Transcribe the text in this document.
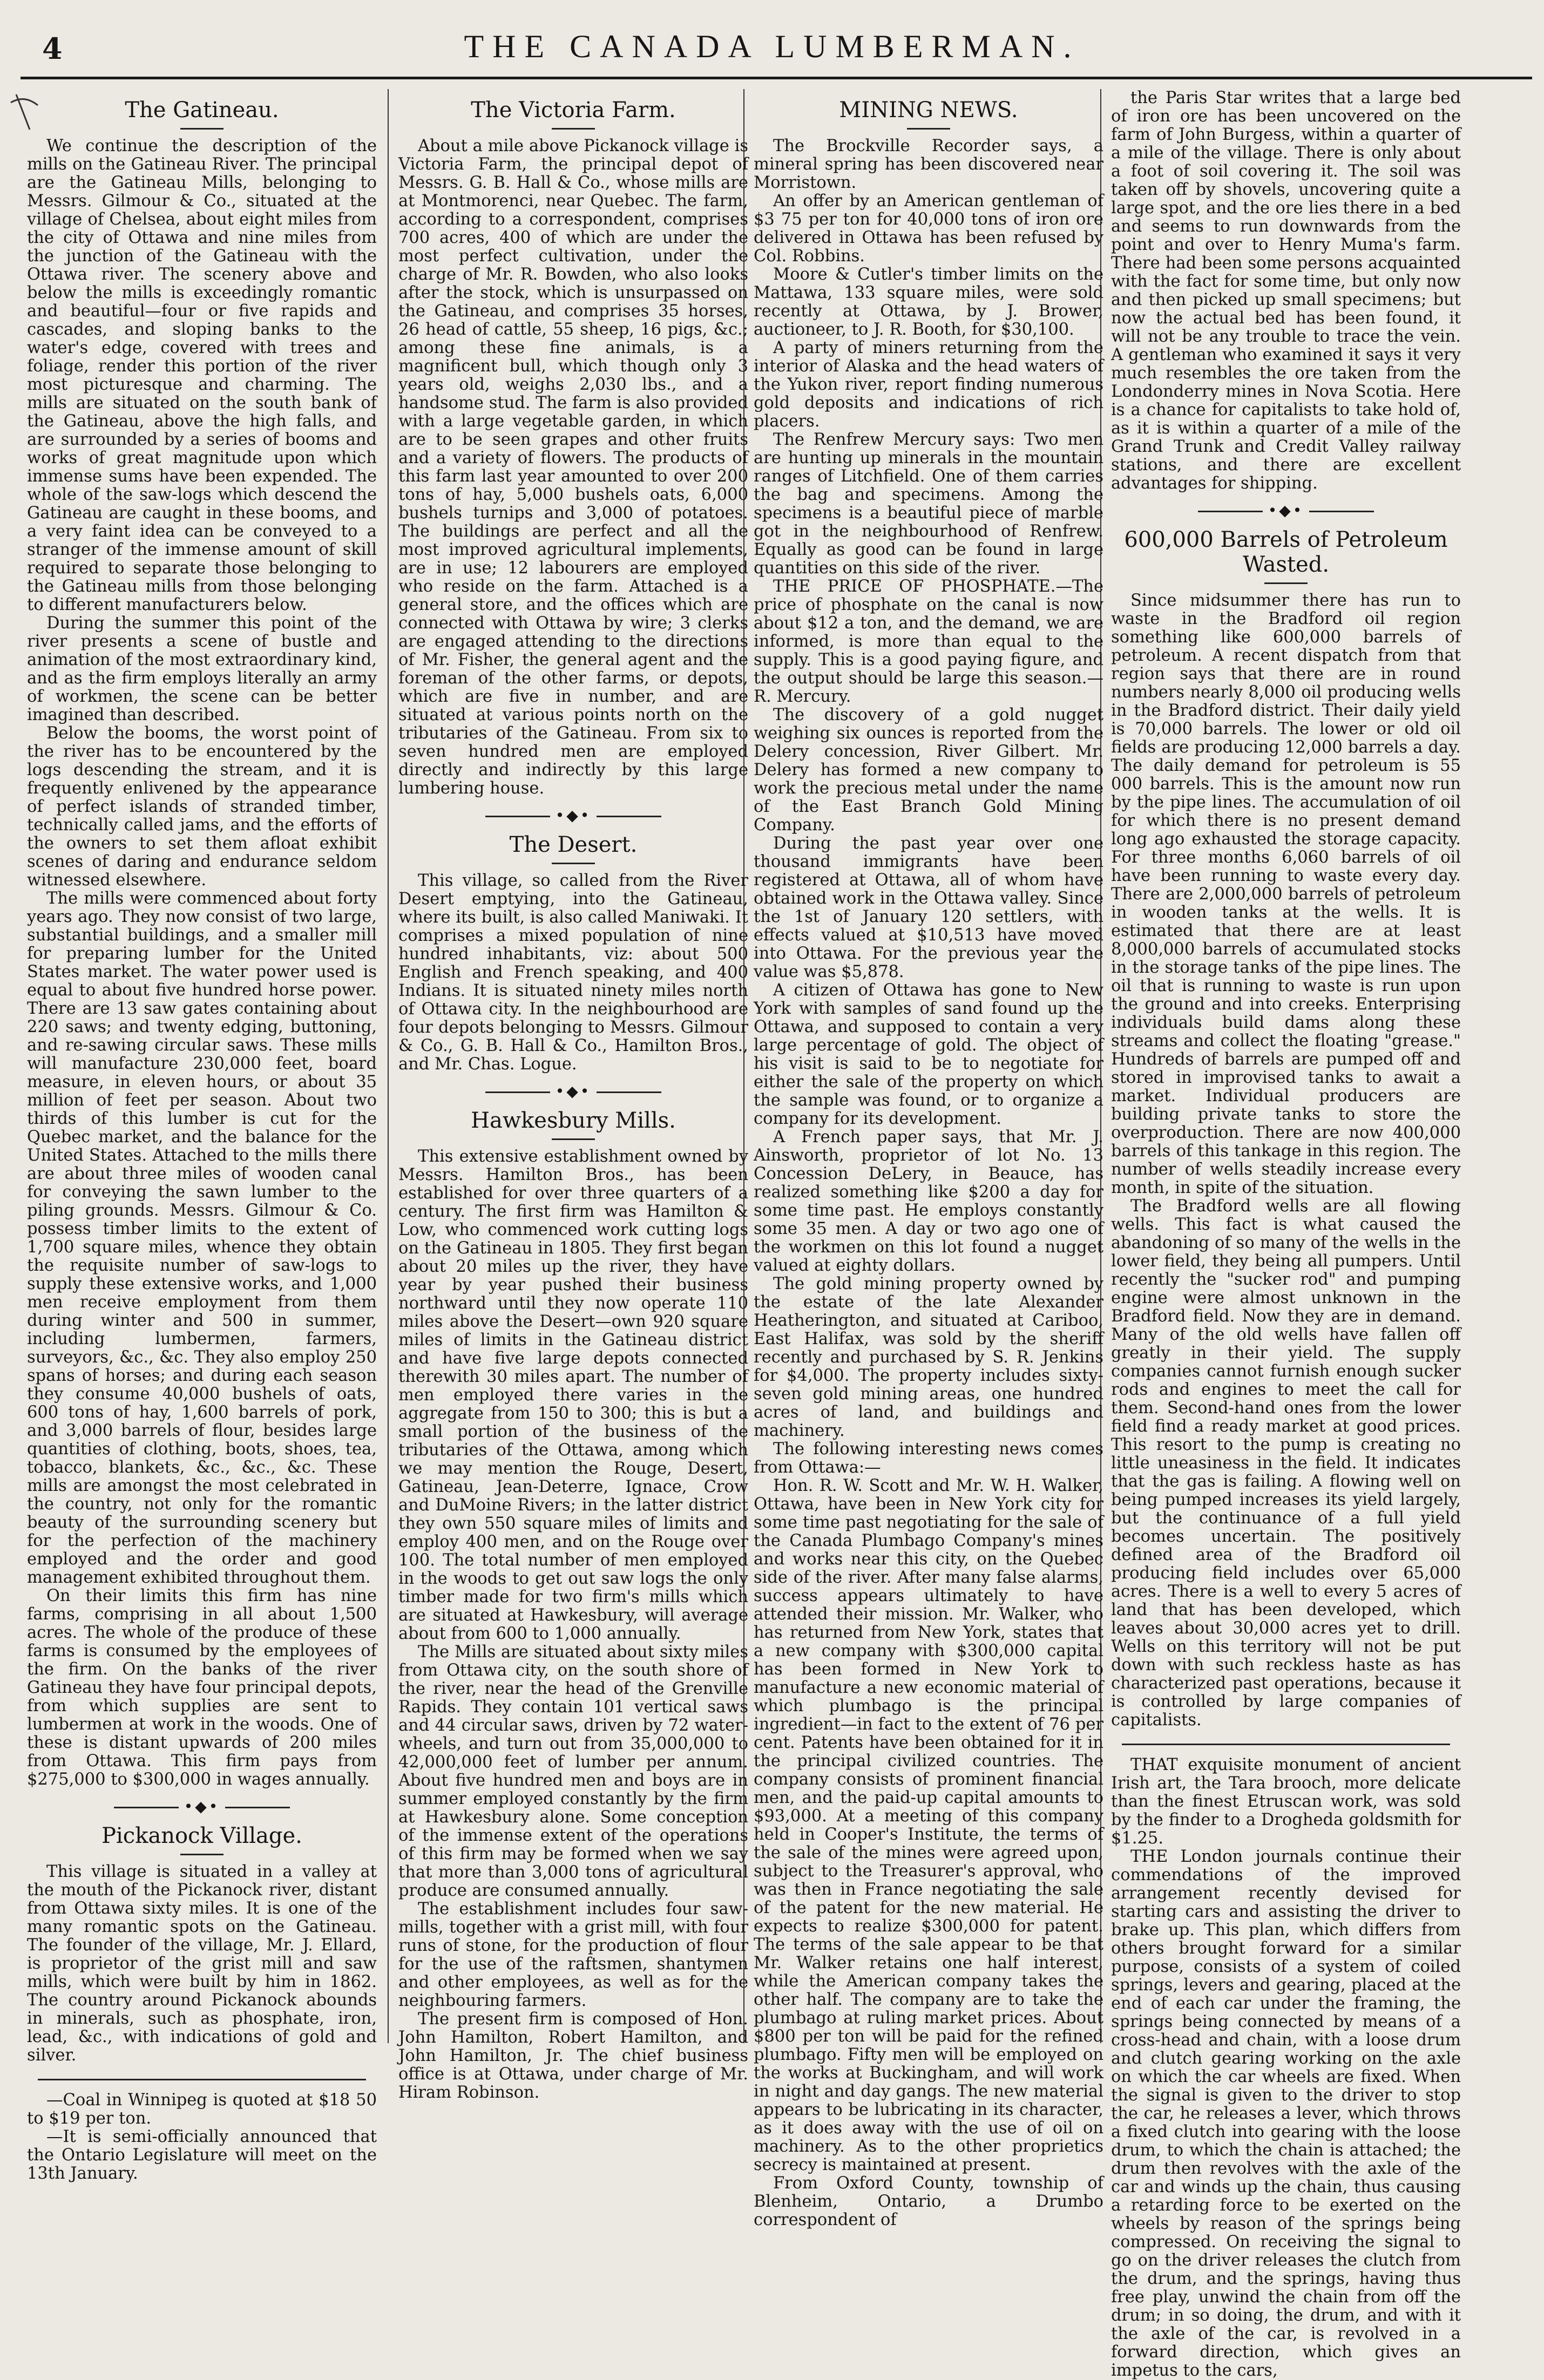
4	THE CANADA LUMBERMAN.
The Gatineau.

We continue the description of the mills on the Gatineau River. The principal are the Gatineau Mills, belonging to Messrs. Gilmour & Co., situated at the village of Chelsea, about eight miles from the city of Ottawa and nine miles from the junction of the Gatineau with the Ottawa river. The scenery above and below the mills is exceedingly romantic and beautiful—four or five rapids and cascades, and sloping banks to the water's edge, covered with trees and foliage, render this portion of the river most picturesque and charming. The mills are situated on the south bank of the Gatineau, above the high falls, and are surrounded by a series of booms and works of great magnitude upon which immense sums have been expended. The whole of the saw-logs which descend the Gatineau are caught in these booms, and a very faint idea can be conveyed to a stranger of the immense amount of skill required to separate those belonging to the Gatineau mills from those belonging to different manufacturers below.

During the summer this point of the river presents a scene of bustle and animation of the most extraordinary kind, and as the firm employs literally an army of workmen, the scene can be better imagined than described.

Below the booms, the worst point of the river has to be encountered by the logs descending the stream, and it is frequently enlivened by the appearance of perfect islands of stranded timber, technically called jams, and the efforts of the owners to set them afloat exhibit scenes of daring and endurance seldom witnessed elsewhere.

The mills were commenced about forty years ago. They now consist of two large, substantial buildings, and a smaller mill for preparing lumber for the United States market. The water power used is equal to about five hundred horse power. There are 13 saw gates containing about 220 saws; and twenty edging, buttoning, and re-sawing circular saws. These mills will manufacture 230,000 feet, board measure, in eleven hours, or about 35 million of feet per season. About two thirds of this lumber is cut for the Quebec market, and the balance for the United States. Attached to the mills there are about three miles of wooden canal for conveying the sawn lumber to the piling grounds. Messrs. Gilmour & Co. possess timber limits to the extent of 1,700 square miles, whence they obtain the requisite number of saw-logs to supply these extensive works, and 1,000 men receive employment from them during winter and 500 in summer, including lumbermen, farmers, surveyors, &c., &c. They also employ 250 spans of horses; and during each season they consume 40,000 bushels of oats, 600 tons of hay, 1,600 barrels of pork, and 3,000 barrels of flour, besides large quantities of clothing, boots, shoes, tea, tobacco, blankets, &c., &c., &c. These mills are amongst the most celebrated in the country, not only for the romantic beauty of the surrounding scenery but for the perfection of the machinery employed and the order and good management exhibited throughout them.

On their limits this firm has nine farms, comprising in all about 1,500 acres. The whole of the produce of these farms is consumed by the employees of the firm. On the banks of the river Gatineau they have four principal depots, from which supplies are sent to lumbermen at work in the woods. One of these is distant upwards of 200 miles from Ottawa. This firm pays from $275,000 to $300,000 in wages annually.

•◆•
Pickanock Village.

This village is situated in a valley at the mouth of the Pickanock river, distant from Ottawa sixty miles. It is one of the many romantic spots on the Gatineau. The founder of the village, Mr. J. Ellard, is proprietor of the grist mill and saw mills, which were built by him in 1862. The country around Pickanock abounds in minerals, such as phosphate, iron, lead, &c., with indications of gold and silver.

—Coal in Winnipeg is quoted at $18 50 to $19 per ton.

—It is semi-officially announced that the Ontario Legislature will meet on the 13th January.

The Victoria Farm.

About a mile above Pickanock village is Victoria Farm, the principal depot of Messrs. G. B. Hall & Co., whose mills are at Montmorenci, near Quebec. The farm, according to a correspondent, comprises 700 acres, 400 of which are under the most perfect cultivation, under the charge of Mr. R. Bowden, who also looks after the stock, which is unsurpassed on the Gatineau, and comprises 35 horses, 26 head of cattle, 55 sheep, 16 pigs, &c.; among these fine animals, is a magnificent bull, which though only 3 years old, weighs 2,030 lbs., and a handsome stud. The farm is also provided with a large vegetable garden, in which are to be seen grapes and other fruits and a variety of flowers. The products of this farm last year amounted to over 200 tons of hay, 5,000 bushels oats, 6,000 bushels turnips and 3,000 of potatoes. The buildings are perfect and all the most improved agricultural implements, are in use; 12 labourers are employed who reside on the farm. Attached is a general store, and the offices which are connected with Ottawa by wire; 3 clerks are engaged attending to the directions of Mr. Fisher, the general agent and the foreman of the other farms, or depots, which are five in number, and are situated at various points north on the tributaries of the Gatineau. From six to seven hundred men are employed directly and indirectly by this large lumbering house.

•◆•
The Desert.

This village, so called from the River Desert emptying, into the Gatineau, where its built, is also called Maniwaki. It comprises a mixed population of nine hundred inhabitants, viz: about 500 English and French speaking, and 400 Indians. It is situated ninety miles north of Ottawa city. In the neighbourhood are four depots belonging to Messrs. Gilmour & Co., G. B. Hall & Co., Hamilton Bros., and Mr. Chas. Logue.

•◆•
Hawkesbury Mills.

This extensive establishment owned by Messrs. Hamilton Bros., has been established for over three quarters of a century. The first firm was Hamilton & Low, who commenced work cutting logs on the Gatineau in 1805. They first began about 20 miles up the river, they have year by year pushed their business northward until they now operate 110 miles above the Desert—own 920 square miles of limits in the Gatineau district and have five large depots connected therewith 30 miles apart. The number of men employed there varies in the aggregate from 150 to 300; this is but a small portion of the business of the tributaries of the Ottawa, among which we may mention the Rouge, Desert, Gatineau, Jean-Deterre, Ignace, Crow and DuMoine Rivers; in the latter district they own 550 square miles of limits and employ 400 men, and on the Rouge over 100. The total number of men employed in the woods to get out saw logs the only timber made for two firm's mills which are situated at Hawkesbury, will average about from 600 to 1,000 annually.

The Mills are situated about sixty miles from Ottawa city, on the south shore of the river, near the head of the Grenville Rapids. They contain 101 vertical saws and 44 circular saws, driven by 72 water-wheels, and turn out from 35,000,000 to 42,000,000 feet of lumber per annum. About five hundred men and boys are in summer employed constantly by the firm at Hawkesbury alone. Some conception of the immense extent of the operations of this firm may be formed when we say that more than 3,000 tons of agricultural produce are consumed annually.

The establishment includes four saw-mills, together with a grist mill, with four runs of stone, for the production of flour for the use of the raftsmen, shantymen and other employees, as well as for the neighbouring farmers.

The present firm is composed of Hon. John Hamilton, Robert Hamilton, and John Hamilton, Jr. The chief business office is at Ottawa, under charge of Mr. Hiram Robinson.

MINING NEWS.

The Brockville Recorder says, a mineral spring has been discovered near Morristown.

An offer by an American gentleman of $3 75 per ton for 40,000 tons of iron ore delivered in Ottawa has been refused by Col. Robbins.

Moore & Cutler's timber limits on the Mattawa, 133 square miles, were sold recently at Ottawa, by J. Brower, auctioneer, to J. R. Booth, for $30,100.

A party of miners returning from the interior of Alaska and the head waters of the Yukon river, report finding numerous gold deposits and indications of rich placers.

The Renfrew Mercury says: Two men are hunting up minerals in the mountain ranges of Litchfield. One of them carries the bag and specimens. Among the specimens is a beautiful piece of marble got in the neighbourhood of Renfrew. Equally as good can be found in large quantities on this side of the river.

THE PRICE OF PHOSPHATE.—The price of phosphate on the canal is now about $12 a ton, and the demand, we are informed, is more than equal to the supply. This is a good paying figure, and the output should be large this season.—R. Mercury.

The discovery of a gold nugget weighing six ounces is reported from the Delery concession, River Gilbert. Mr. Delery has formed a new company to work the precious metal under the name of the East Branch Gold Mining Company.

During the past year over one thousand immigrants have been registered at Ottawa, all of whom have obtained work in the Ottawa valley. Since the 1st of January 120 settlers, with effects valued at $10,513 have moved into Ottawa. For the previous year the value was $5,878.

A citizen of Ottawa has gone to New York with samples of sand found up the Ottawa, and supposed to contain a very large percentage of gold. The object of his visit is said to be to negotiate for either the sale of the property on which the sample was found, or to organize a company for its development.

A French paper says, that Mr. J. Ainsworth, proprietor of lot No. 13 Concession DeLery, in Beauce, has realized something like $200 a day for some time past. He employs constantly some 35 men. A day or two ago one of the workmen on this lot found a nugget valued at eighty dollars.

The gold mining property owned by the estate of the late Alexander Heatherington, and situated at Cariboo, East Halifax, was sold by the sheriff recently and purchased by S. R. Jenkins for $4,000. The property includes sixty-seven gold mining areas, one hundred acres of land, and buildings and machinery.

The following interesting news comes from Ottawa:—

Hon. R. W. Scott and Mr. W. H. Walker, Ottawa, have been in New York city for some time past negotiating for the sale of the Canada Plumbago Company's mines and works near this city, on the Quebec side of the river. After many false alarms, success appears ultimately to have attended their mission. Mr. Walker, who has returned from New York, states that a new company with $300,000 capital has been formed in New York to manufacture a new economic material of which plumbago is the principal ingredient—in fact to the extent of 76 per cent. Patents have been obtained for it in the principal civilized countries. The company consists of prominent financial men, and the paid-up capital amounts to $93,000. At a meeting of this company held in Cooper's Institute, the terms of the sale of the mines were agreed upon, subject to the Treasurer's approval, who was then in France negotiating the sale of the patent for the new material. He expects to realize $300,000 for patent. The terms of the sale appear to be that Mr. Walker retains one half interest, while the American company takes the other half. The company are to take the plumbago at ruling market prices. About $800 per ton will be paid for the refined plumbago. Fifty men will be employed on the works at Buckingham, and will work in night and day gangs. The new material appears to be lubricating in its character, as it does away with the use of oil on machinery. As to the other proprietics secrecy is maintained at present.

From Oxford County, township of Blenheim, Ontario, a Drumbo correspondent of

the Paris Star writes that a large bed of iron ore has been uncovered on the farm of John Burgess, within a quarter of a mile of the village. There is only about a foot of soil covering it. The soil was taken off by shovels, uncovering quite a large spot, and the ore lies there in a bed and seems to run downwards from the point and over to Henry Muma's farm. There had been some persons acquainted with the fact for some time, but only now and then picked up small specimens; but now the actual bed has been found, it will not be any trouble to trace the vein. A gentleman who examined it says it very much resembles the ore taken from the Londonderry mines in Nova Scotia. Here is a chance for capitalists to take hold of, as it is within a quarter of a mile of the Grand Trunk and Credit Valley railway stations, and there are excellent advantages for shipping.

•◆•
600,000 Barrels of Petroleum Wasted.

Since midsummer there has run to waste in the Bradford oil region something like 600,000 barrels of petroleum. A recent dispatch from that region says that there are in round numbers nearly 8,000 oil producing wells in the Bradford district. Their daily yield is 70,000 barrels. The lower or old oil fields are producing 12,000 barrels a day. The daily demand for petroleum is 55 000 barrels. This is the amount now run by the pipe lines. The accumulation of oil for which there is no present demand long ago exhausted the storage capacity. For three months 6,060 barrels of oil have been running to waste every day. There are 2,000,000 barrels of petroleum in wooden tanks at the wells. It is estimated that there are at least 8,000,000 barrels of accumulated stocks in the storage tanks of the pipe lines. The oil that is running to waste is run upon the ground and into creeks. Enterprising individuals build dams along these streams and collect the floating "grease." Hundreds of barrels are pumped off and stored in improvised tanks to await a market. Individual producers are building private tanks to store the overproduction. There are now 400,000 barrels of this tankage in this region. The number of wells steadily increase every month, in spite of the situation.

The Bradford wells are all flowing wells. This fact is what caused the abandoning of so many of the wells in the lower field, they being all pumpers. Until recently the "sucker rod" and pumping engine were almost unknown in the Bradford field. Now they are in demand. Many of the old wells have fallen off greatly in their yield. The supply companies cannot furnish enough sucker rods and engines to meet the call for them. Second-hand ones from the lower field find a ready market at good prices. This resort to the pump is creating no little uneasiness in the field. It indicates that the gas is failing. A flowing well on being pumped increases its yield largely, but the continuance of a full yield becomes uncertain. The positively defined area of the Bradford oil producing field includes over 65,000 acres. There is a well to every 5 acres of land that has been developed, which leaves about 30,000 acres yet to drill. Wells on this territory will not be put down with such reckless haste as has characterized past operations, because it is controlled by large companies of capitalists.

THAT exquisite monument of ancient Irish art, the Tara brooch, more delicate than the finest Etruscan work, was sold by the finder to a Drogheda goldsmith for $1.25.

THE London journals continue their commendations of the improved arrangement recently devised for starting cars and assisting the driver to brake up. This plan, which differs from others brought forward for a similar purpose, consists of a system of coiled springs, levers and gearing, placed at the end of each car under the framing, the springs being connected by means of a cross-head and chain, with a loose drum and clutch gearing working on the axle on which the car wheels are fixed. When the signal is given to the driver to stop the car, he releases a lever, which throws a fixed clutch into gearing with the loose drum, to which the chain is attached; the drum then revolves with the axle of the car and winds up the chain, thus causing a retarding force to be exerted on the wheels by reason of the springs being compressed. On receiving the signal to go on the driver releases the clutch from the drum, and the springs, having thus free play, unwind the chain from off the drum; in so doing, the drum, and with it the axle of the car, is revolved in a forward direction, which gives an impetus to the cars,
